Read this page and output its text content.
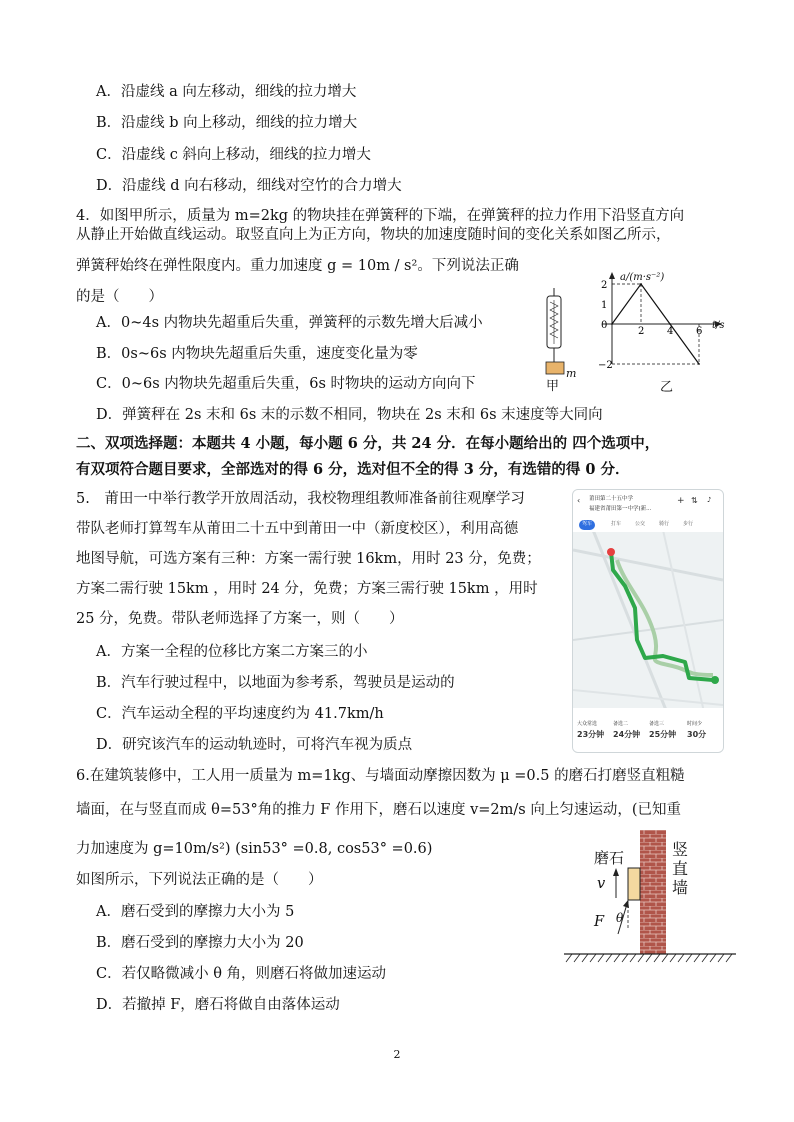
A．沿虚线 a 向左移动，细线的拉力增大
B．沿虚线 b 向上移动，细线的拉力增大
C．沿虚线 c 斜向上移动，细线的拉力增大
D．沿虚线 d 向右移动，细线对空竹的合力增大
4．如图甲所示，质量为 m=2kg 的物块挂在弹簧秤的下端，在弹簧秤的拉力作用下沿竖直方向
从静止开始做直线运动。取竖直向上为正方向，物块的加速度随时间的变化关系如图乙所示，
弹簧秤始终在弹性限度内。重力加速度 g = 10m / s²。下列说法正确
的是（　　）
A．0~4s 内物块先超重后失重，弹簧秤的示数先增大后减小
B．0s~6s 内物块先超重后失重，速度变化量为零
C．0~6s 内物块先超重后失重，6s 时物块的运动方向向下
D．弹簧秤在 2s 末和 6s 末的示数不相同，物块在 2s 末和 6s 末速度等大同向
m
甲
2 4 6
2
1
0
−2
a/(m·s⁻²)
t/s
乙
二、双项选择题：本题共 4 小题，每小题 6 分，共 24 分．在每小题给出的 四个选项中，
有双项符合题目要求，全部选对的得 6 分，选对但不全的得 3 分，有选错的得 0 分．
5.　莆田一中举行教学开放周活动，我校物理组教师准备前往观摩学习
带队老师打算驾车从莆田二十五中到莆田一中（新度校区），利用高德
地图导航，可选方案有三种：方案一需行驶 16km，用时 23 分，免费；
方案二需行驶 15km ，用时 24 分，免费；方案三需行驶 15km ，用时
25 分，免费。带队老师选择了方案一，则（　　）
A．方案一全程的位移比方案二方案三的小
B．汽车行驶过程中，以地面为参考系，驾驶员是运动的
C．汽车运动全程的平均速度约为 41.7km/h
D．研究该汽车的运动轨迹时，可将汽车视为质点
‹ 莆田第二十五中学
福建省莆田第一中学(新...
+ ⇅ ♪
驾车	打车	公交	骑行	步行
大众常选
23分钟
备选二
24分钟
备选三
25分钟
时间少
30分
6.在建筑装修中，工人用一质量为 m=1kg、与墙面动摩擦因数为 μ =0.5 的磨石打磨竖直粗糙
墙面，在与竖直而成 θ=53°角的推力 F 作用下，磨石以速度 v=2m/s 向上匀速运动，(已知重
力加速度为 g=10m/s²) (sin53° =0.8, cos53° =0.6)
如图所示，下列说法正确的是（　　）
A．磨石受到的摩擦力大小为 5
B．磨石受到的摩擦力大小为 20
C．若仅略微减小 θ 角，则磨石将做加速运动
D．若撤掉 F，磨石将做自由落体运动
磨石	竖直墙
v
F θ
2
